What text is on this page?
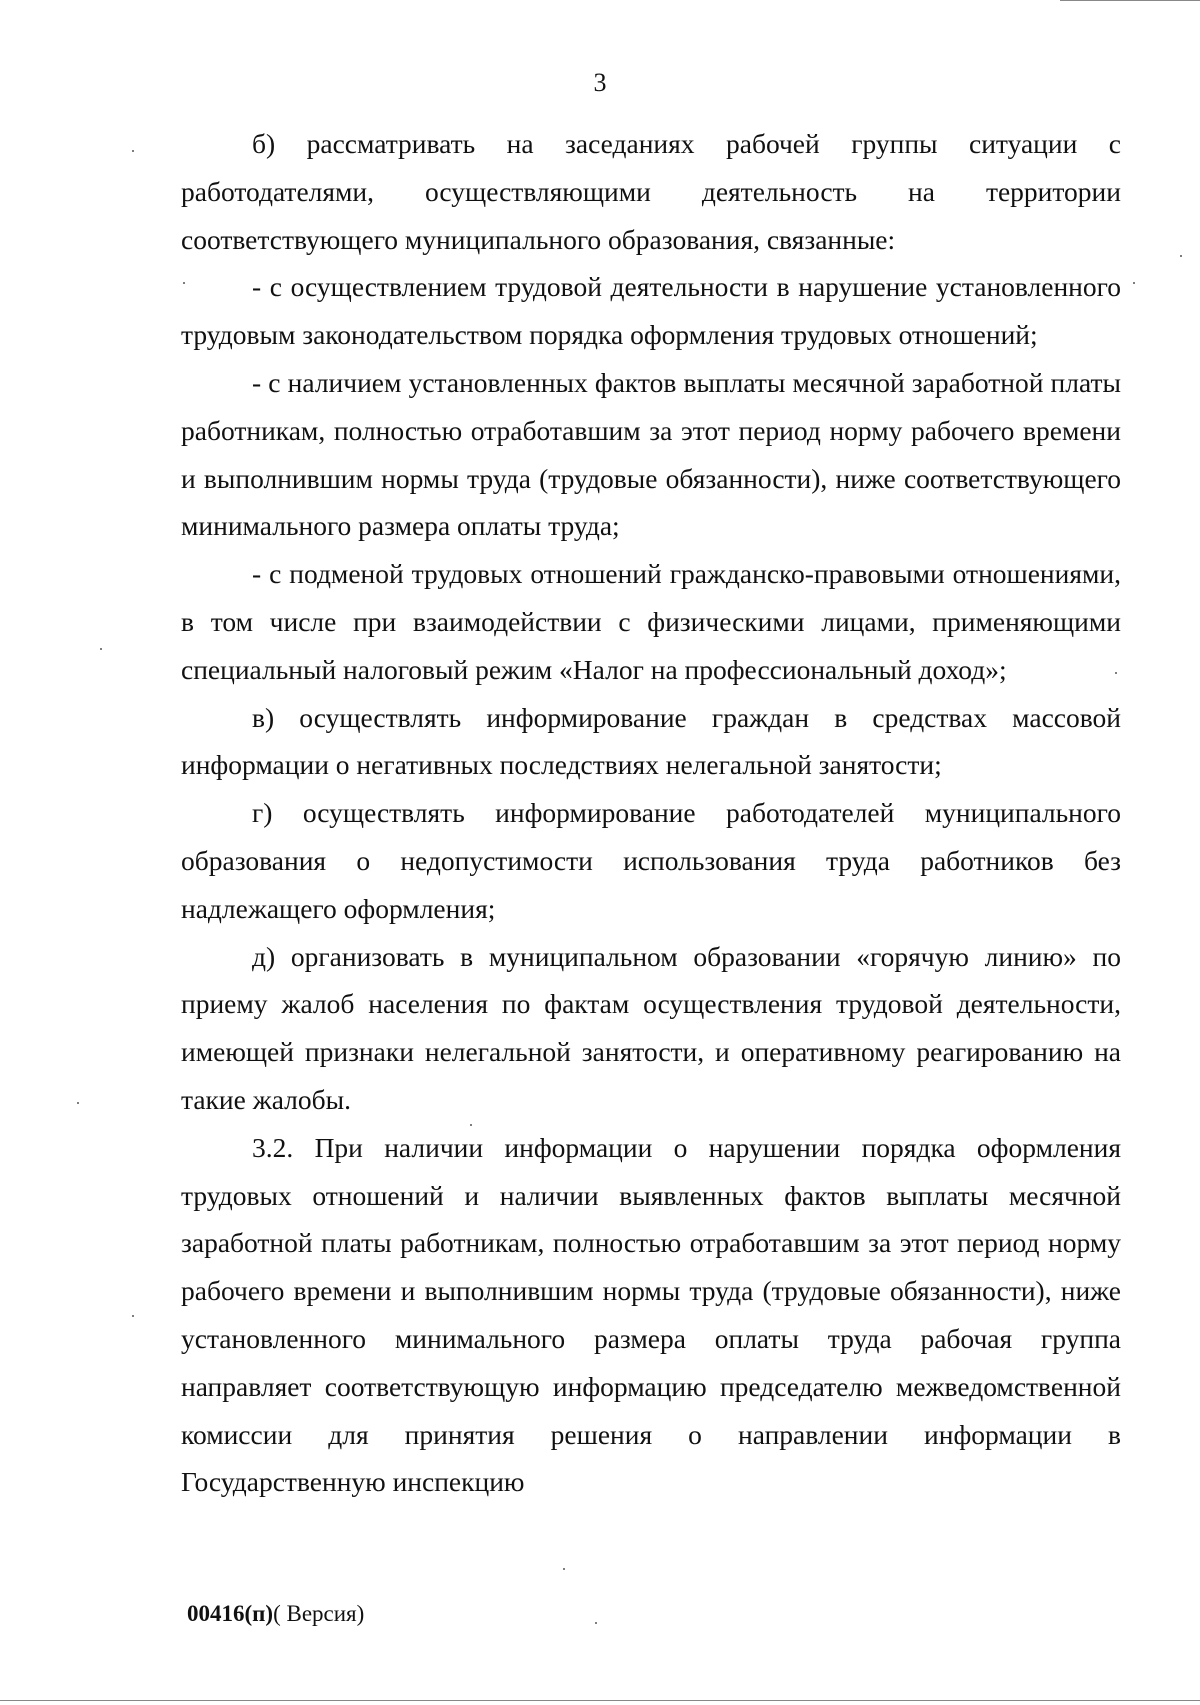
3

б) рассматривать на заседаниях рабочей группы ситуации с работодателями, осуществляющими деятельность на территории соответствующего муниципального образования, связанные:

- с осуществлением трудовой деятельности в нарушение установленного трудовым законодательством порядка оформления трудовых отношений;

- с наличием установленных фактов выплаты месячной заработной платы работникам, полностью отработавшим за этот период норму рабочего времени и выполнившим нормы труда (трудовые обязанности), ниже соответствующего минимального размера оплаты труда;

- с подменой трудовых отношений гражданско-правовыми отношениями, в том числе при взаимодействии с физическими лицами, применяющими специальный налоговый режим «Налог на профессиональный доход»;

в) осуществлять информирование граждан в средствах массовой информации о негативных последствиях нелегальной занятости;

г) осуществлять информирование работодателей муниципального образования о недопустимости использования труда работников без надлежащего оформления;

д) организовать в муниципальном образовании «горячую линию» по приему жалоб населения по фактам осуществления трудовой деятельности, имеющей признаки нелегальной занятости, и оперативному реагированию на такие жалобы.

3.2. При наличии информации о нарушении порядка оформления трудовых отношений и наличии выявленных фактов выплаты месячной заработной платы работникам, полностью отработавшим за этот период норму рабочего времени и выполнившим нормы труда (трудовые обязанности), ниже установленного минимального размера оплаты труда рабочая группа направляет соответствующую информацию председателю межведомственной комиссии для принятия решения о направлении информации в Государственную инспекцию

00416(п)( Версия)
